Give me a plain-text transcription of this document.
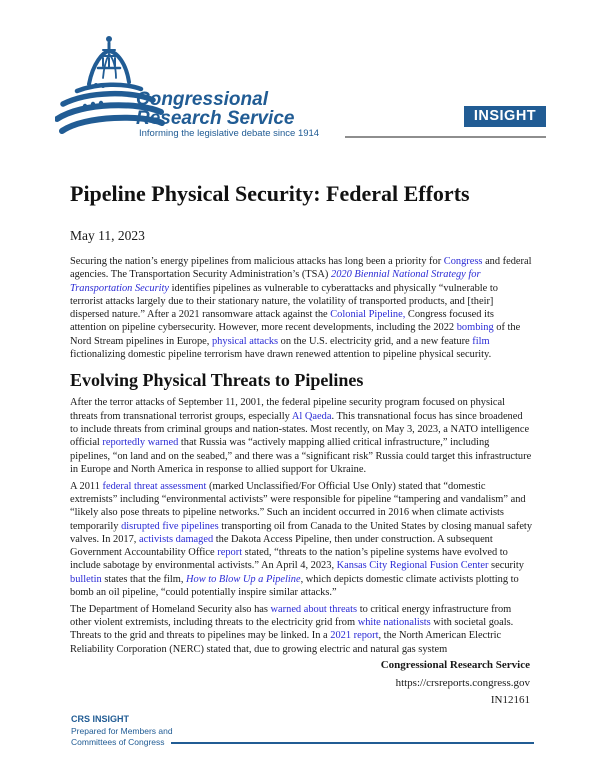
Congressional
Research Service
Informing the legislative debate since 1914
INSIGHT
Pipeline Physical Security: Federal Efforts
May 11, 2023

Securing the nation’s energy pipelines from malicious attacks has long been a priority for Congress and federal agencies. The Transportation Security Administration’s (TSA) 2020 Biennial National Strategy for Transportation Security identifies pipelines as vulnerable to cyberattacks and physically “vulnerable to terrorist attacks largely due to their stationary nature, the volatility of transported products, and [their] dispersed nature.” After a 2021 ransomware attack against the Colonial Pipeline, Congress focused its attention on pipeline cybersecurity. However, more recent developments, including the 2022 bombing of the Nord Stream pipelines in Europe, physical attacks on the U.S. electricity grid, and a new feature film fictionalizing domestic pipeline terrorism have drawn renewed attention to pipeline physical security.

Evolving Physical Threats to Pipelines

After the terror attacks of September 11, 2001, the federal pipeline security program focused on physical threats from transnational terrorist groups, especially Al Qaeda. This transnational focus has since broadened to include threats from criminal groups and nation-states. Most recently, on May 3, 2023, a NATO intelligence official reportedly warned that Russia was “actively mapping allied critical infrastructure,” including pipelines, “on land and on the seabed,” and there was a “significant risk” Russia could target this infrastructure in Europe and North America in response to allied support for Ukraine.

A 2011 federal threat assessment (marked Unclassified/For Official Use Only) stated that “domestic extremists” including “environmental activists” were responsible for pipeline “tampering and vandalism” and “likely also pose threats to pipeline networks.” Such an incident occurred in 2016 when climate activists temporarily disrupted five pipelines transporting oil from Canada to the United States by closing manual safety valves. In 2017, activists damaged the Dakota Access Pipeline, then under construction. A subsequent Government Accountability Office report stated, “threats to the nation’s pipeline systems have evolved to include sabotage by environmental activists.” An April 4, 2023, Kansas City Regional Fusion Center security bulletin states that the film, How to Blow Up a Pipeline, which depicts domestic climate activists plotting to bomb an oil pipeline, “could potentially inspire similar attacks.”

The Department of Homeland Security also has warned about threats to critical energy infrastructure from other violent extremists, including threats to the electricity grid from white nationalists with societal goals. Threats to the grid and threats to pipelines may be linked. In a 2021 report, the North American Electric Reliability Corporation (NERC) stated that, due to growing electric and natural gas system

Congressional Research Service
https://crsreports.congress.gov
IN12161
CRS INSIGHT
Prepared for Members and
Committees of Congress
